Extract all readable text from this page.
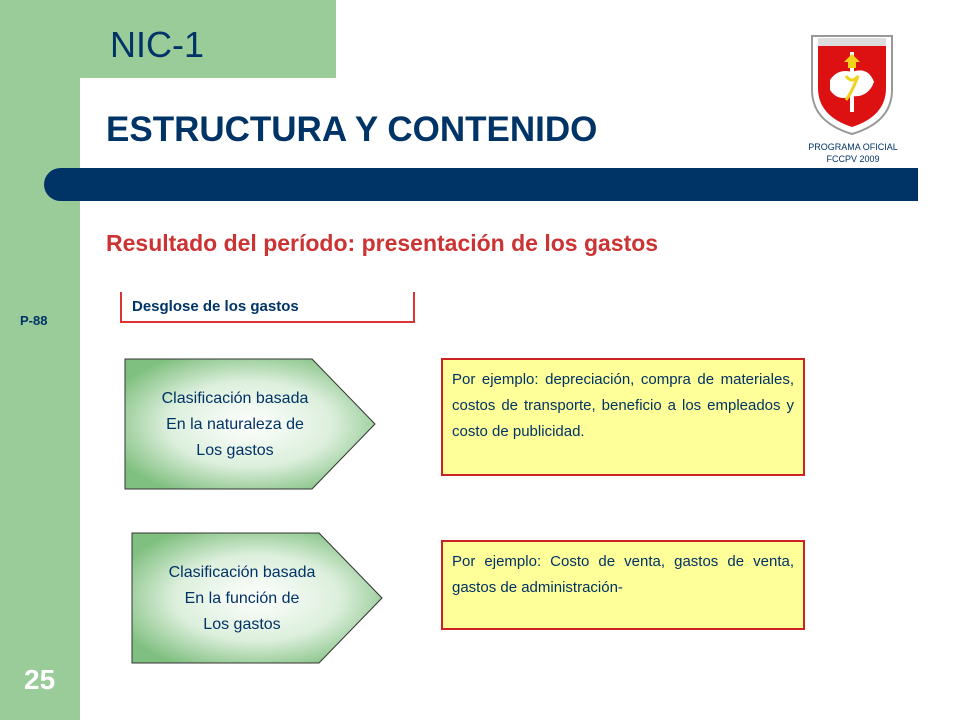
NIC-1
ESTRUCTURA Y CONTENIDO	PROGRAMA OFICIAL
FCCPV 2009
Resultado del período: presentación de los gastos
P-88
Desglose de los gastos
Clasificación basada
En la naturaleza de
Los gastos
Por ejemplo: depreciación, compra de materiales, costos de transporte, beneficio a los empleados y costo de publicidad.
Clasificación basada
En la función de
Los gastos
Por ejemplo: Costo de venta, gastos de venta, gastos de administración-
25
